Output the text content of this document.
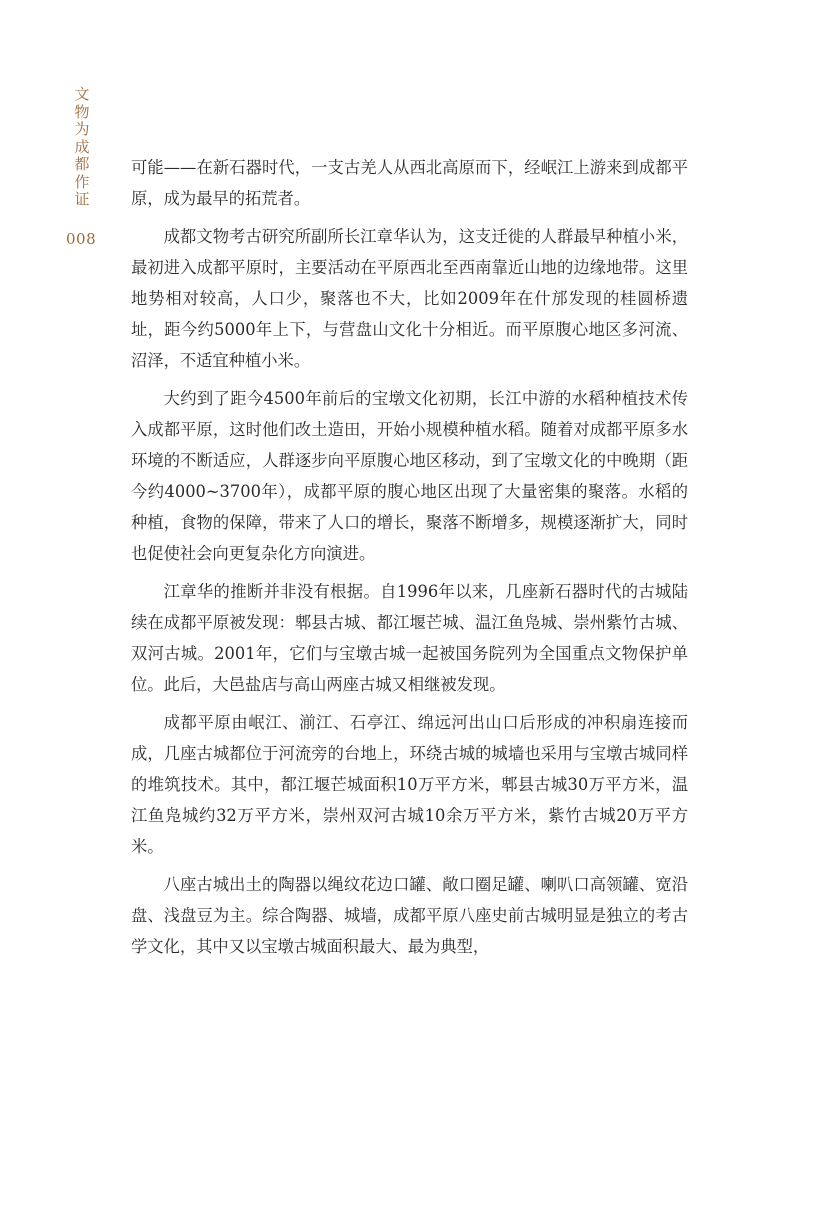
文物为成都作证
008

可能——在新石器时代，一支古羌人从西北高原而下，经岷江上游来到成都平原，成为最早的拓荒者。

成都文物考古研究所副所长江章华认为，这支迁徙的人群最早种植小米，最初进入成都平原时，主要活动在平原西北至西南靠近山地的边缘地带。这里地势相对较高，人口少，聚落也不大，比如2009年在什邡发现的桂圆桥遗址，距今约5000年上下，与营盘山文化十分相近。而平原腹心地区多河流、沼泽，不适宜种植小米。

大约到了距今4500年前后的宝墩文化初期，长江中游的水稻种植技术传入成都平原，这时他们改土造田，开始小规模种植水稻。随着对成都平原多水环境的不断适应，人群逐步向平原腹心地区移动，到了宝墩文化的中晚期（距今约4000~3700年），成都平原的腹心地区出现了大量密集的聚落。水稻的种植，食物的保障，带来了人口的增长，聚落不断增多，规模逐渐扩大，同时也促使社会向更复杂化方向演进。

江章华的推断并非没有根据。自1996年以来，几座新石器时代的古城陆续在成都平原被发现：郫县古城、都江堰芒城、温江鱼凫城、崇州紫竹古城、双河古城。2001年，它们与宝墩古城一起被国务院列为全国重点文物保护单位。此后，大邑盐店与高山两座古城又相继被发现。

成都平原由岷江、湔江、石亭江、绵远河出山口后形成的冲积扇连接而成，几座古城都位于河流旁的台地上，环绕古城的城墙也采用与宝墩古城同样的堆筑技术。其中，都江堰芒城面积10万平方米，郫县古城30万平方米，温江鱼凫城约32万平方米，崇州双河古城10余万平方米，紫竹古城20万平方米。

八座古城出土的陶器以绳纹花边口罐、敞口圈足罐、喇叭口高领罐、宽沿盘、浅盘豆为主。综合陶器、城墙，成都平原八座史前古城明显是独立的考古学文化，其中又以宝墩古城面积最大、最为典型，
